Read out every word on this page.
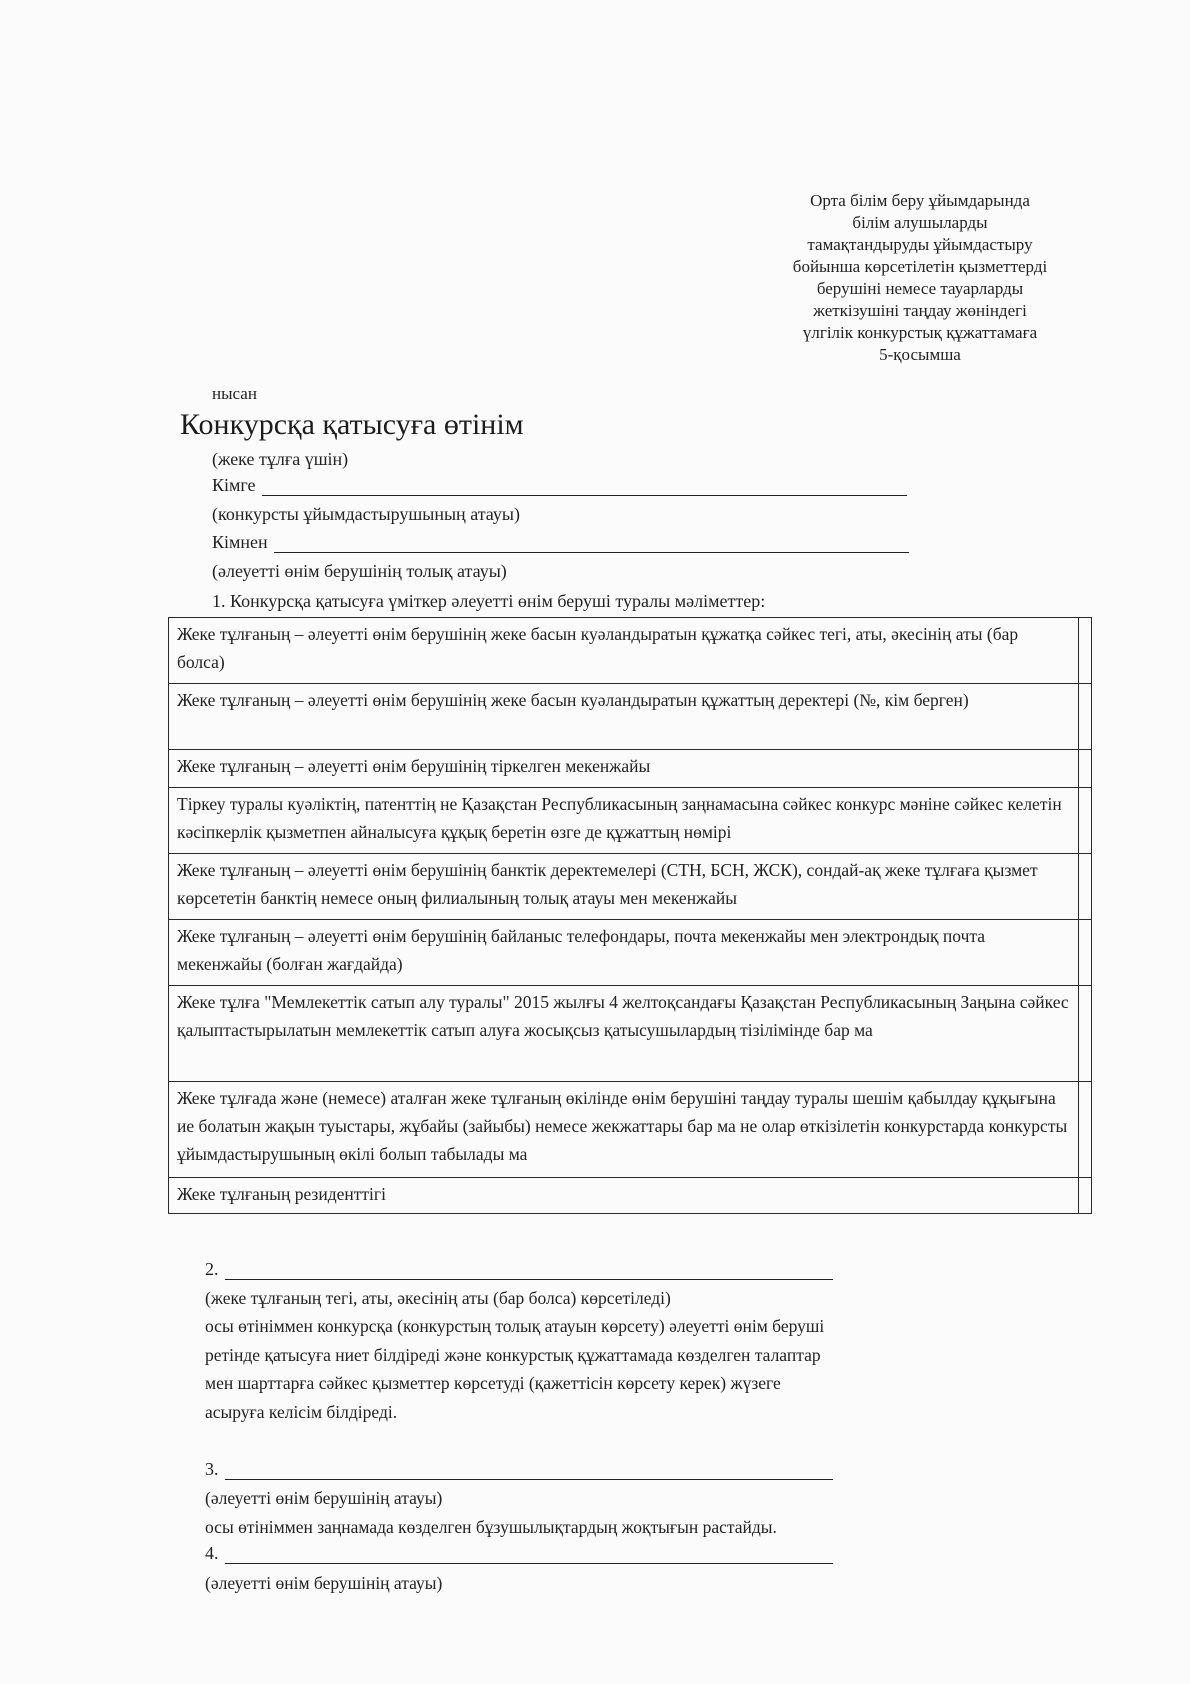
Орта білім беру ұйымдарында
білім алушыларды
тамақтандыруды ұйымдастыру
бойынша көрсетілетін қызметтерді
берушіні немесе тауарларды
жеткізушіні таңдау жөніндегі
үлгілік конкурстық құжаттамаға
5-қосымша
нысан
Конкурсқа қатысуға өтінім
(жеке тұлға үшін)
Кімге
(конкурсты ұйымдастырушының атауы)
Кімнен
(әлеуетті өнім берушінің толық атауы)
1. Конкурсқа қатысуға үміткер әлеуетті өнім беруші туралы мәліметтер:
Жеке тұлғаның – әлеуетті өнім берушінің жеке басын куәландыратын құжатқа сәйкес тегі, аты, әкесінің аты (бар болса)	
Жеке тұлғаның – әлеуетті өнім берушінің жеке басын куәландыратын құжаттың деректері (№, кім берген)	
Жеке тұлғаның – әлеуетті өнім берушінің тіркелген мекенжайы	
Тіркеу туралы куәліктің, патенттің не Қазақстан Республикасының заңнамасына сәйкес конкурс мәніне сәйкес келетін кәсіпкерлік қызметпен айналысуға құқық беретін өзге де құжаттың нөмірі	
Жеке тұлғаның – әлеуетті өнім берушінің банктік деректемелері (СТН, БСН, ЖСК), сондай-ақ жеке тұлғаға қызмет көрсететін банктің немесе оның филиалының толық атауы мен мекенжайы	
Жеке тұлғаның – әлеуетті өнім берушінің байланыс телефондары, почта мекенжайы мен электрондық почта мекенжайы (болған жағдайда)	
Жеке тұлға "Мемлекеттік сатып алу туралы" 2015 жылғы 4 желтоқсандағы Қазақстан Республикасының Заңына сәйкес қалыптастырылатын мемлекеттік сатып алуға жосықсыз қатысушылардың тізілімінде бар ма	
Жеке тұлғада және (немесе) аталған жеке тұлғаның өкілінде өнім берушіні таңдау туралы шешім қабылдау құқығына ие болатын жақын туыстары, жұбайы (зайыбы) немесе жекжаттары бар ма не олар өткізілетін конкурстарда конкурсты ұйымдастырушының өкілі болып табылады ма	
Жеке тұлғаның резиденттігі	
2.
(жеке тұлғаның тегі, аты, әкесінің аты (бар болса) көрсетіледі)
осы өтініммен конкурсқа (конкурстың толық атауын көрсету) әлеуетті өнім беруші ретінде қатысуға ниет білдіреді және конкурстық құжаттамада көзделген талаптар мен шарттарға сәйкес қызметтер көрсетуді (қажеттісін көрсету керек) жүзеге асыруға келісім білдіреді.
3.
(әлеуетті өнім берушінің атауы)
осы өтініммен заңнамада көзделген бұзушылықтардың жоқтығын растайды.
4.
(әлеуетті өнім берушінің атауы)
